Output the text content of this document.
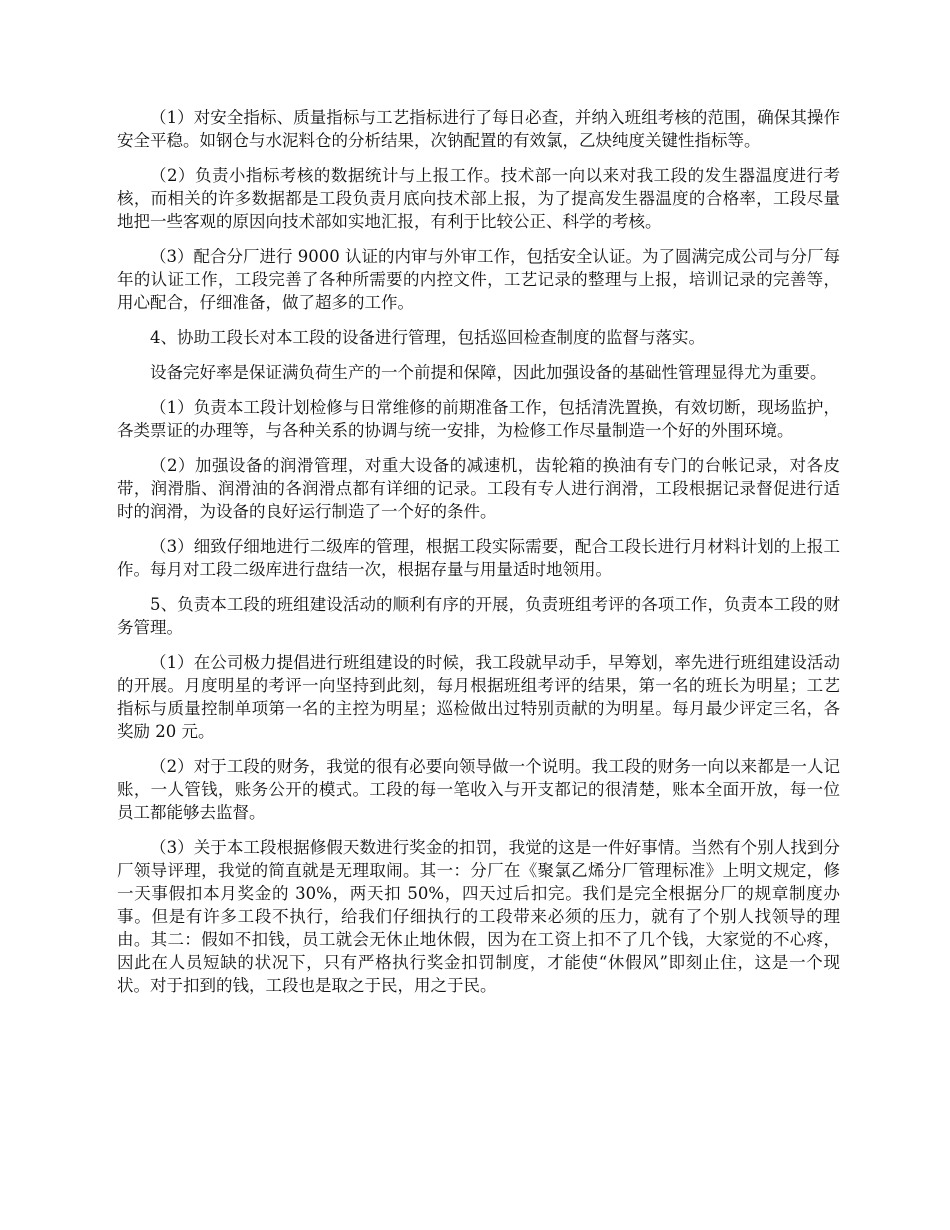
（1）对安全指标、质量指标与工艺指标进行了每日必查，并纳入班组考核的范围，确保其操作安全平稳。如钢仓与水泥料仓的分析结果，次钠配置的有效氯，乙炔纯度关键性指标等。

（2）负责小指标考核的数据统计与上报工作。技术部一向以来对我工段的发生器温度进行考核，而相关的许多数据都是工段负责月底向技术部上报，为了提高发生器温度的合格率，工段尽量地把一些客观的原因向技术部如实地汇报，有利于比较公正、科学的考核。

（3）配合分厂进行 9000 认证的内审与外审工作，包括安全认证。为了圆满完成公司与分厂每年的认证工作，工段完善了各种所需要的内控文件，工艺记录的整理与上报，培训记录的完善等，用心配合，仔细准备，做了超多的工作。

4、协助工段长对本工段的设备进行管理，包括巡回检查制度的监督与落实。

设备完好率是保证满负荷生产的一个前提和保障，因此加强设备的基础性管理显得尤为重要。

（1）负责本工段计划检修与日常维修的前期准备工作，包括清洗置换，有效切断，现场监护，各类票证的办理等，与各种关系的协调与统一安排，为检修工作尽量制造一个好的外围环境。

（2）加强设备的润滑管理，对重大设备的减速机，齿轮箱的换油有专门的台帐记录，对各皮带，润滑脂、润滑油的各润滑点都有详细的记录。工段有专人进行润滑，工段根据记录督促进行适时的润滑，为设备的良好运行制造了一个好的条件。

（3）细致仔细地进行二级库的管理，根据工段实际需要，配合工段长进行月材料计划的上报工作。每月对工段二级库进行盘结一次，根据存量与用量适时地领用。

5、负责本工段的班组建设活动的顺利有序的开展，负责班组考评的各项工作，负责本工段的财务管理。

（1）在公司极力提倡进行班组建设的时候，我工段就早动手，早筹划，率先进行班组建设活动的开展。月度明星的考评一向坚持到此刻，每月根据班组考评的结果，第一名的班长为明星；工艺指标与质量控制单项第一名的主控为明星；巡检做出过特别贡献的为明星。每月最少评定三名，各奖励 20 元。

（2）对于工段的财务，我觉的很有必要向领导做一个说明。我工段的财务一向以来都是一人记账，一人管钱，账务公开的模式。工段的每一笔收入与开支都记的很清楚，账本全面开放，每一位员工都能够去监督。

（3）关于本工段根据修假天数进行奖金的扣罚，我觉的这是一件好事情。当然有个别人找到分厂领导评理，我觉的简直就是无理取闹。其一：分厂在《聚氯乙烯分厂管理标准》上明文规定，修一天事假扣本月奖金的 30%，两天扣 50%，四天过后扣完。我们是完全根据分厂的规章制度办事。但是有许多工段不执行，给我们仔细执行的工段带来必须的压力，就有了个别人找领导的理由。其二：假如不扣钱，员工就会无休止地休假，因为在工资上扣不了几个钱，大家觉的不心疼，因此在人员短缺的状况下，只有严格执行奖金扣罚制度，才能使“休假风”即刻止住，这是一个现状。对于扣到的钱，工段也是取之于民，用之于民。
